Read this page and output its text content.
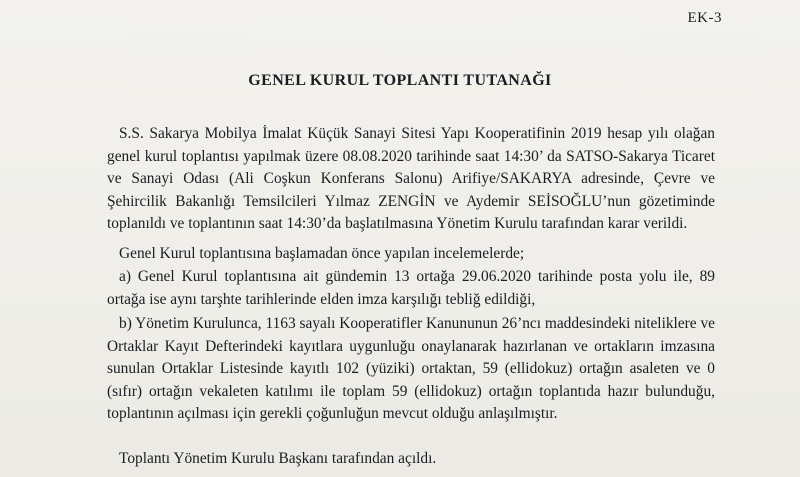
EK-3
GENEL KURUL TOPLANTI TUTANAĞI

S.S. Sakarya Mobilya İmalat Küçük Sanayi Sitesi Yapı Kooperatifinin 2019 hesap yılı olağan genel kurul toplantısı yapılmak üzere 08.08.2020 tarihinde saat 14:30’ da SATSO-Sakarya Ticaret ve Sanayi Odası (Ali Coşkun Konferans Salonu) Arifiye/SAKARYA adresinde, Çevre ve Şehircilik Bakanlığı Temsilcileri Yılmaz ZENGİN ve Aydemir SEİSOĞLU’nun gözetiminde toplanıldı ve toplantının saat 14:30’da başlatılmasına Yönetim Kurulu tarafından karar verildi.

Genel Kurul toplantısına başlamadan önce yapılan incelemelerde;

a) Genel Kurul toplantısına ait gündemin 13 ortağa 29.06.2020 tarihinde posta yolu ile, 89 ortağa ise aynı tarşhte tarihlerinde elden imza karşılığı tebliğ edildiği,

b) Yönetim Kurulunca, 1163 sayalı Kooperatifler Kanununun 26’ncı maddesindeki niteliklere ve Ortaklar Kayıt Defterindeki kayıtlara uygunluğu onaylanarak hazırlanan ve ortakların imzasına sunulan Ortaklar Listesinde kayıtlı 102 (yüziki) ortaktan, 59 (ellidokuz) ortağın asaleten ve 0 (sıfır) ortağın vekaleten katılımı ile toplam 59 (ellidokuz) ortağın toplantıda hazır bulunduğu, toplantının açılması için gerekli çoğunluğun mevcut olduğu anlaşılmıştır.

Toplantı Yönetim Kurulu Başkanı tarafından açıldı.
